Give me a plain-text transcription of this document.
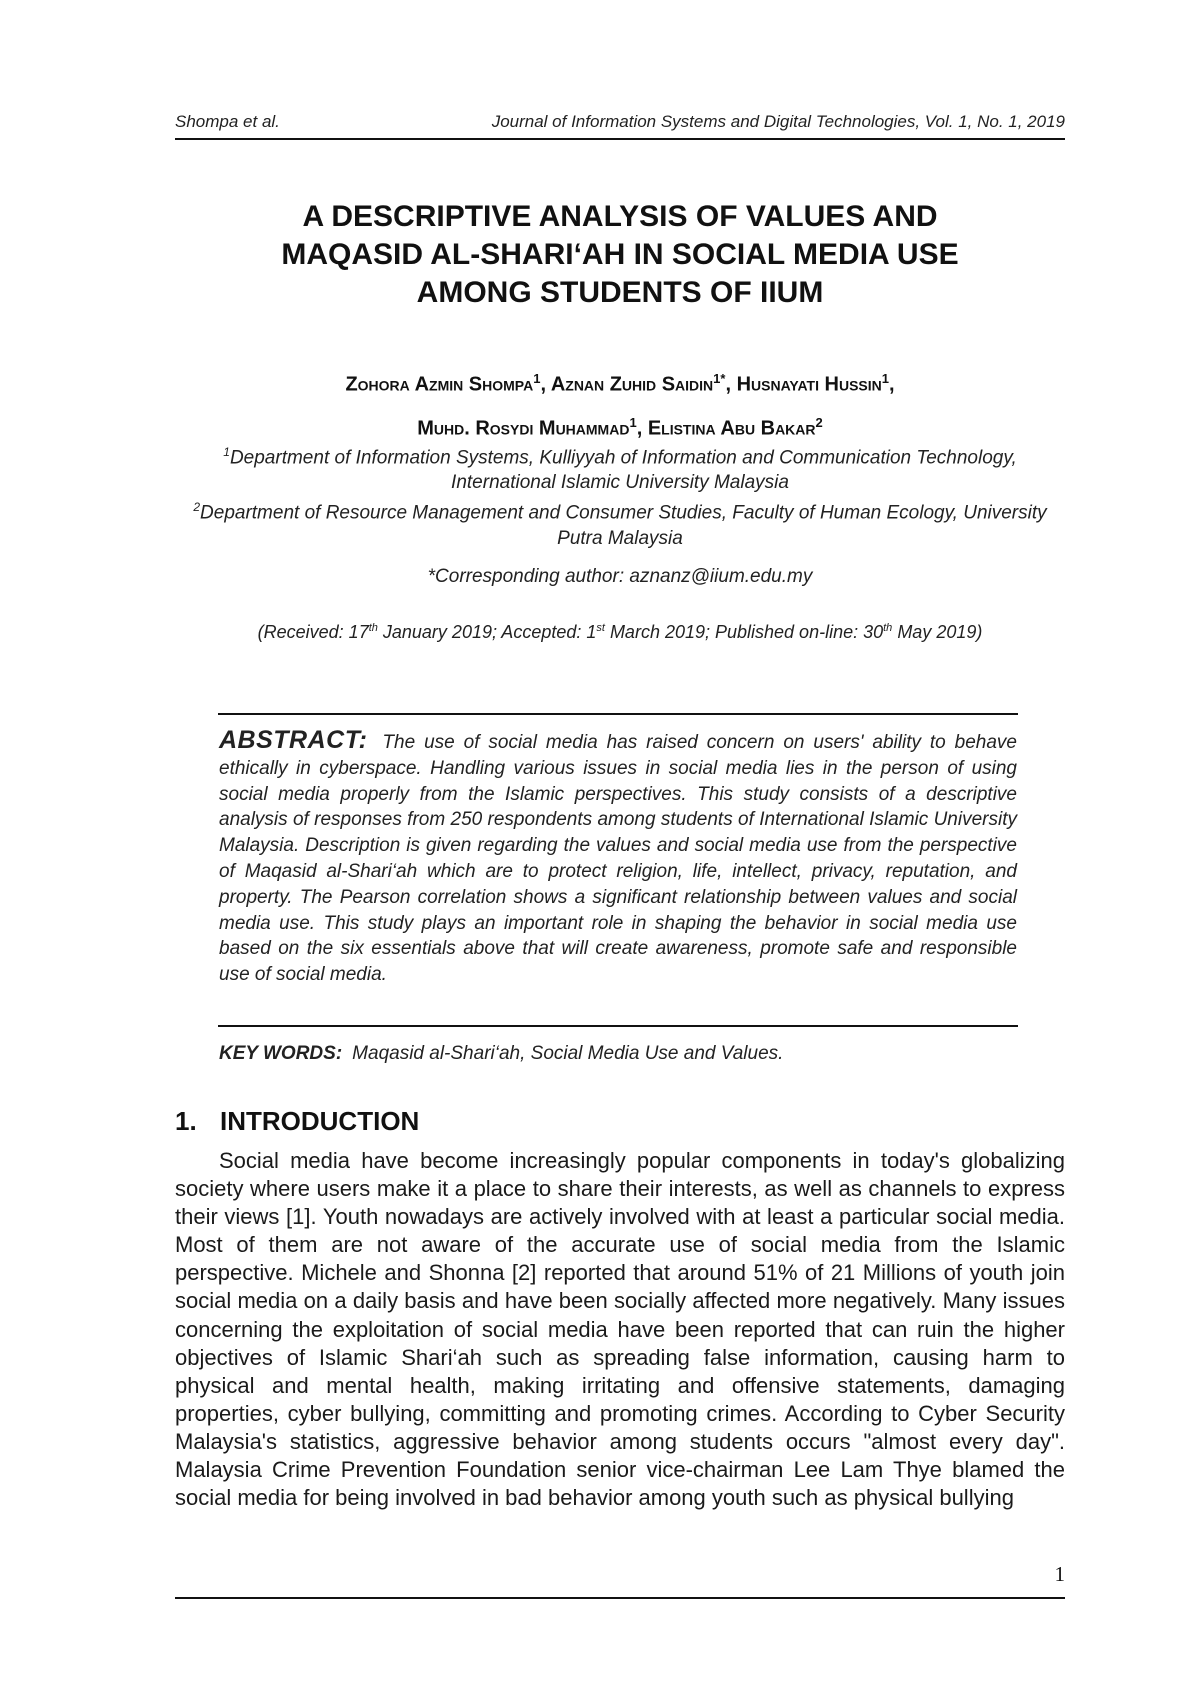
Shompa et al.	Journal of Information Systems and Digital Technologies, Vol. 1, No. 1, 2019
A DESCRIPTIVE ANALYSIS OF VALUES AND
MAQASID AL-SHARI‘AH IN SOCIAL MEDIA USE
AMONG STUDENTS OF IIUM
Zohora Azmin Shompa$^1$, Aznan Zuhid Saidin$^{1*}$, Husnayati Hussin$^1$,
Muhd. Rosydi Muhammad$^1$, Elistina Abu Bakar$^2$
$^1$Department of Information Systems, Kulliyyah of Information and Communication Technology, International Islamic University Malaysia
$^2$Department of Resource Management and Consumer Studies, Faculty of Human Ecology, University Putra Malaysia
*Corresponding author: aznanz@iium.edu.my
(Received: 17th January 2019; Accepted: 1st March 2019; Published on-line: 30th May 2019)
ABSTRACT: The use of social media has raised concern on users' ability to behave ethically in cyberspace. Handling various issues in social media lies in the person of using social media properly from the Islamic perspectives. This study consists of a descriptive analysis of responses from 250 respondents among students of International Islamic University Malaysia. Description is given regarding the values and social media use from the perspective of Maqasid al-Shari‘ah which are to protect religion, life, intellect, privacy, reputation, and property. The Pearson correlation shows a significant relationship between values and social media use. This study plays an important role in shaping the behavior in social media use based on the six essentials above that will create awareness, promote safe and responsible use of social media.
KEY WORDS: Maqasid al-Shari‘ah, Social Media Use and Values.
1. INTRODUCTION
Social media have become increasingly popular components in today's globalizing society where users make it a place to share their interests, as well as channels to express their views [1]. Youth nowadays are actively involved with at least a particular social media. Most of them are not aware of the accurate use of social media from the Islamic perspective. Michele and Shonna [2] reported that around 51% of 21 Millions of youth join social media on a daily basis and have been socially affected more negatively. Many issues concerning the exploitation of social media have been reported that can ruin the higher objectives of Islamic Shari‘ah such as spreading false information, causing harm to physical and mental health, making irritating and offensive statements, damaging properties, cyber bullying, committing and promoting crimes. According to Cyber Security Malaysia's statistics, aggressive behavior among students occurs "almost every day". Malaysia Crime Prevention Foundation senior vice-chairman Lee Lam Thye blamed the social media for being involved in bad behavior among youth such as physical bullying
1
